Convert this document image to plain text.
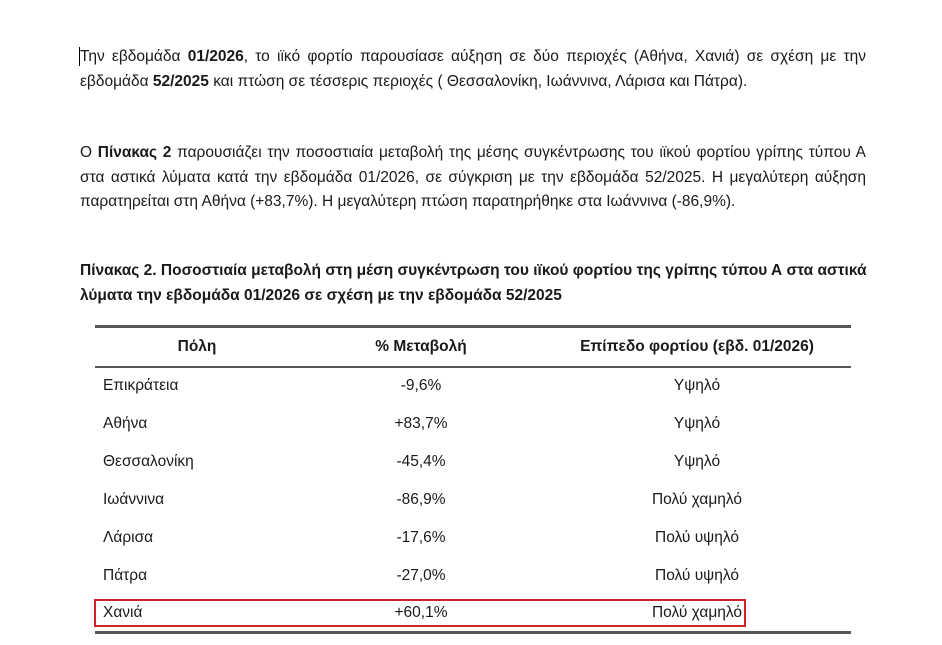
Την εβδομάδα 01/2026, το ιϊκό φορτίο παρουσίασε αύξηση σε δύο περιοχές (Αθήνα, Χανιά) σε σχέση με την εβδομάδα 52/2025 και πτώση σε τέσσερις περιοχές ( Θεσσαλονίκη, Ιωάννινα, Λάρισα και Πάτρα).

Ο Πίνακας 2 παρουσιάζει την ποσοστιαία μεταβολή της μέσης συγκέντρωσης του ιϊκού φορτίου γρίπης τύπου Α στα αστικά λύματα κατά την εβδομάδα 01/2026, σε σύγκριση με την εβδομάδα 52/2025. Η μεγαλύτερη αύξηση παρατηρείται στη Αθήνα (+83,7%). Η μεγαλύτερη πτώση παρατηρήθηκε στα Ιωάννινα (-86,9%).

Πίνακας 2. Ποσοστιαία μεταβολή στη μέση συγκέντρωση του ιϊκού φορτίου της γρίπης τύπου Α στα αστικά λύματα την εβδομάδα 01/2026 σε σχέση με την εβδομάδα 52/2025

Πόλη	% Μεταβολή	Επίπεδο φορτίου (εβδ. 01/2026)
Επικράτεια	-9,6%	Υψηλό
Αθήνα	+83,7%	Υψηλό
Θεσσαλονίκη	-45,4%	Υψηλό
Ιωάννινα	-86,9%	Πολύ χαμηλό
Λάρισα	-17,6%	Πολύ υψηλό
Πάτρα	-27,0%	Πολύ υψηλό
Χανιά	+60,1%	Πολύ χαμηλό
